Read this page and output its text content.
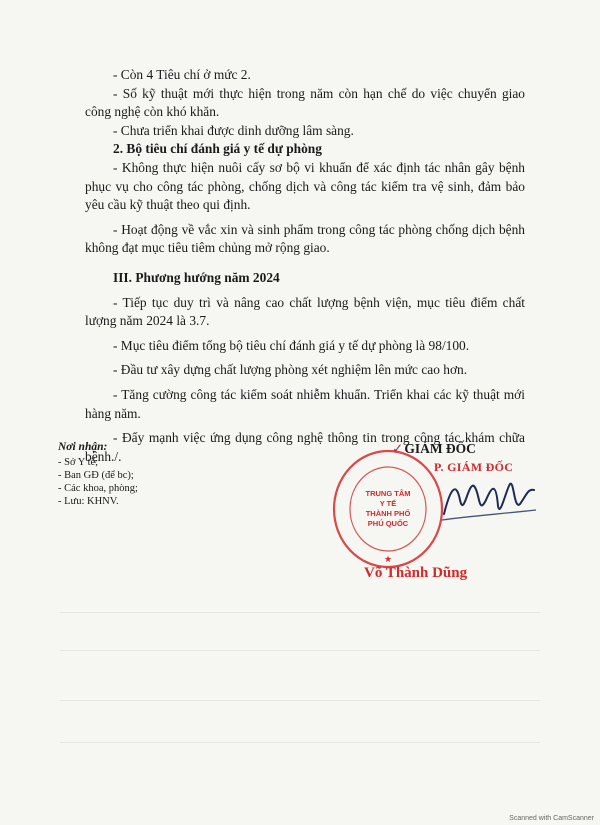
- Còn 4 Tiêu chí ở mức 2.

- Số kỹ thuật mới thực hiện trong năm còn hạn chế do việc chuyển giao công nghệ còn khó khăn.

- Chưa triển khai được dinh dưỡng lâm sàng.

2. Bộ tiêu chí đánh giá y tế dự phòng

- Không thực hiện nuôi cấy sơ bộ vi khuẩn để xác định tác nhân gây bệnh phục vụ cho công tác phòng, chống dịch và công tác kiểm tra vệ sinh, đảm bảo yêu cầu kỹ thuật theo qui định.

- Hoạt động về vắc xin và sinh phẩm trong công tác phòng chống dịch bệnh không đạt mục tiêu tiêm chủng mở rộng giao.

III. Phương hướng năm 2024

- Tiếp tục duy trì và nâng cao chất lượng bệnh viện, mục tiêu điểm chất lượng năm 2024 là 3.7.

- Mục tiêu điểm tổng bộ tiêu chí đánh giá y tế dự phòng là 98/100.

- Đầu tư xây dựng chất lượng phòng xét nghiệm lên mức cao hơn.

- Tăng cường công tác kiểm soát nhiễm khuẩn. Triển khai các kỹ thuật mới hàng năm.

- Đẩy mạnh việc ứng dụng công nghệ thông tin trong công tác khám chữa bệnh./.

Nơi nhận:
- Sở Y tế;
- Ban GĐ (để bc);
- Các khoa, phòng;
- Lưu: KHNV.
TRUNG TÂM
Y TẾ
THÀNH PHỐ
PHÚ QUỐC
★
✓GIÁM ĐỐC
P. GIÁM ĐỐC
Võ Thành Dũng
Scanned with CamScanner
